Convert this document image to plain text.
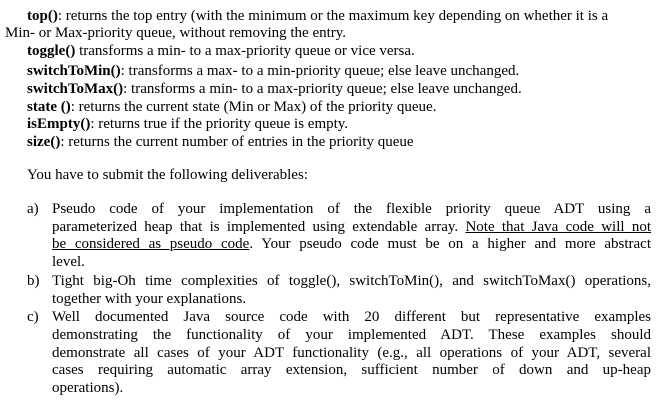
top(): returns the top entry (with the minimum or the maximum key depending on whether it is a
Min- or Max-priority queue, without removing the entry.
toggle() transforms a min- to a max-priority queue or vice versa.
switchToMin(): transforms a max- to a min-priority queue; else leave unchanged.
switchToMax(): transforms a min- to a max-priority queue; else leave unchanged.
state (): returns the current state (Min or Max) of the priority queue.
isEmpty(): returns true if the priority queue is empty.
size(): returns the current number of entries in the priority queue
You have to submit the following deliverables:
a) Pseudo code of your implementation of the flexible priority queue ADT using a
parameterized heap that is implemented using extendable array. Note that Java code will not
be considered as pseudo code. Your pseudo code must be on a higher and more abstract
level.
b) Tight big-Oh time complexities of toggle(), switchToMin(), and switchToMax() operations,
together with your explanations.
c) Well documented Java source code with 20 different but representative examples
demonstrating the functionality of your implemented ADT. These examples should
demonstrate all cases of your ADT functionality (e.g., all operations of your ADT, several
cases requiring automatic array extension, sufficient number of down and up-heap
operations).
